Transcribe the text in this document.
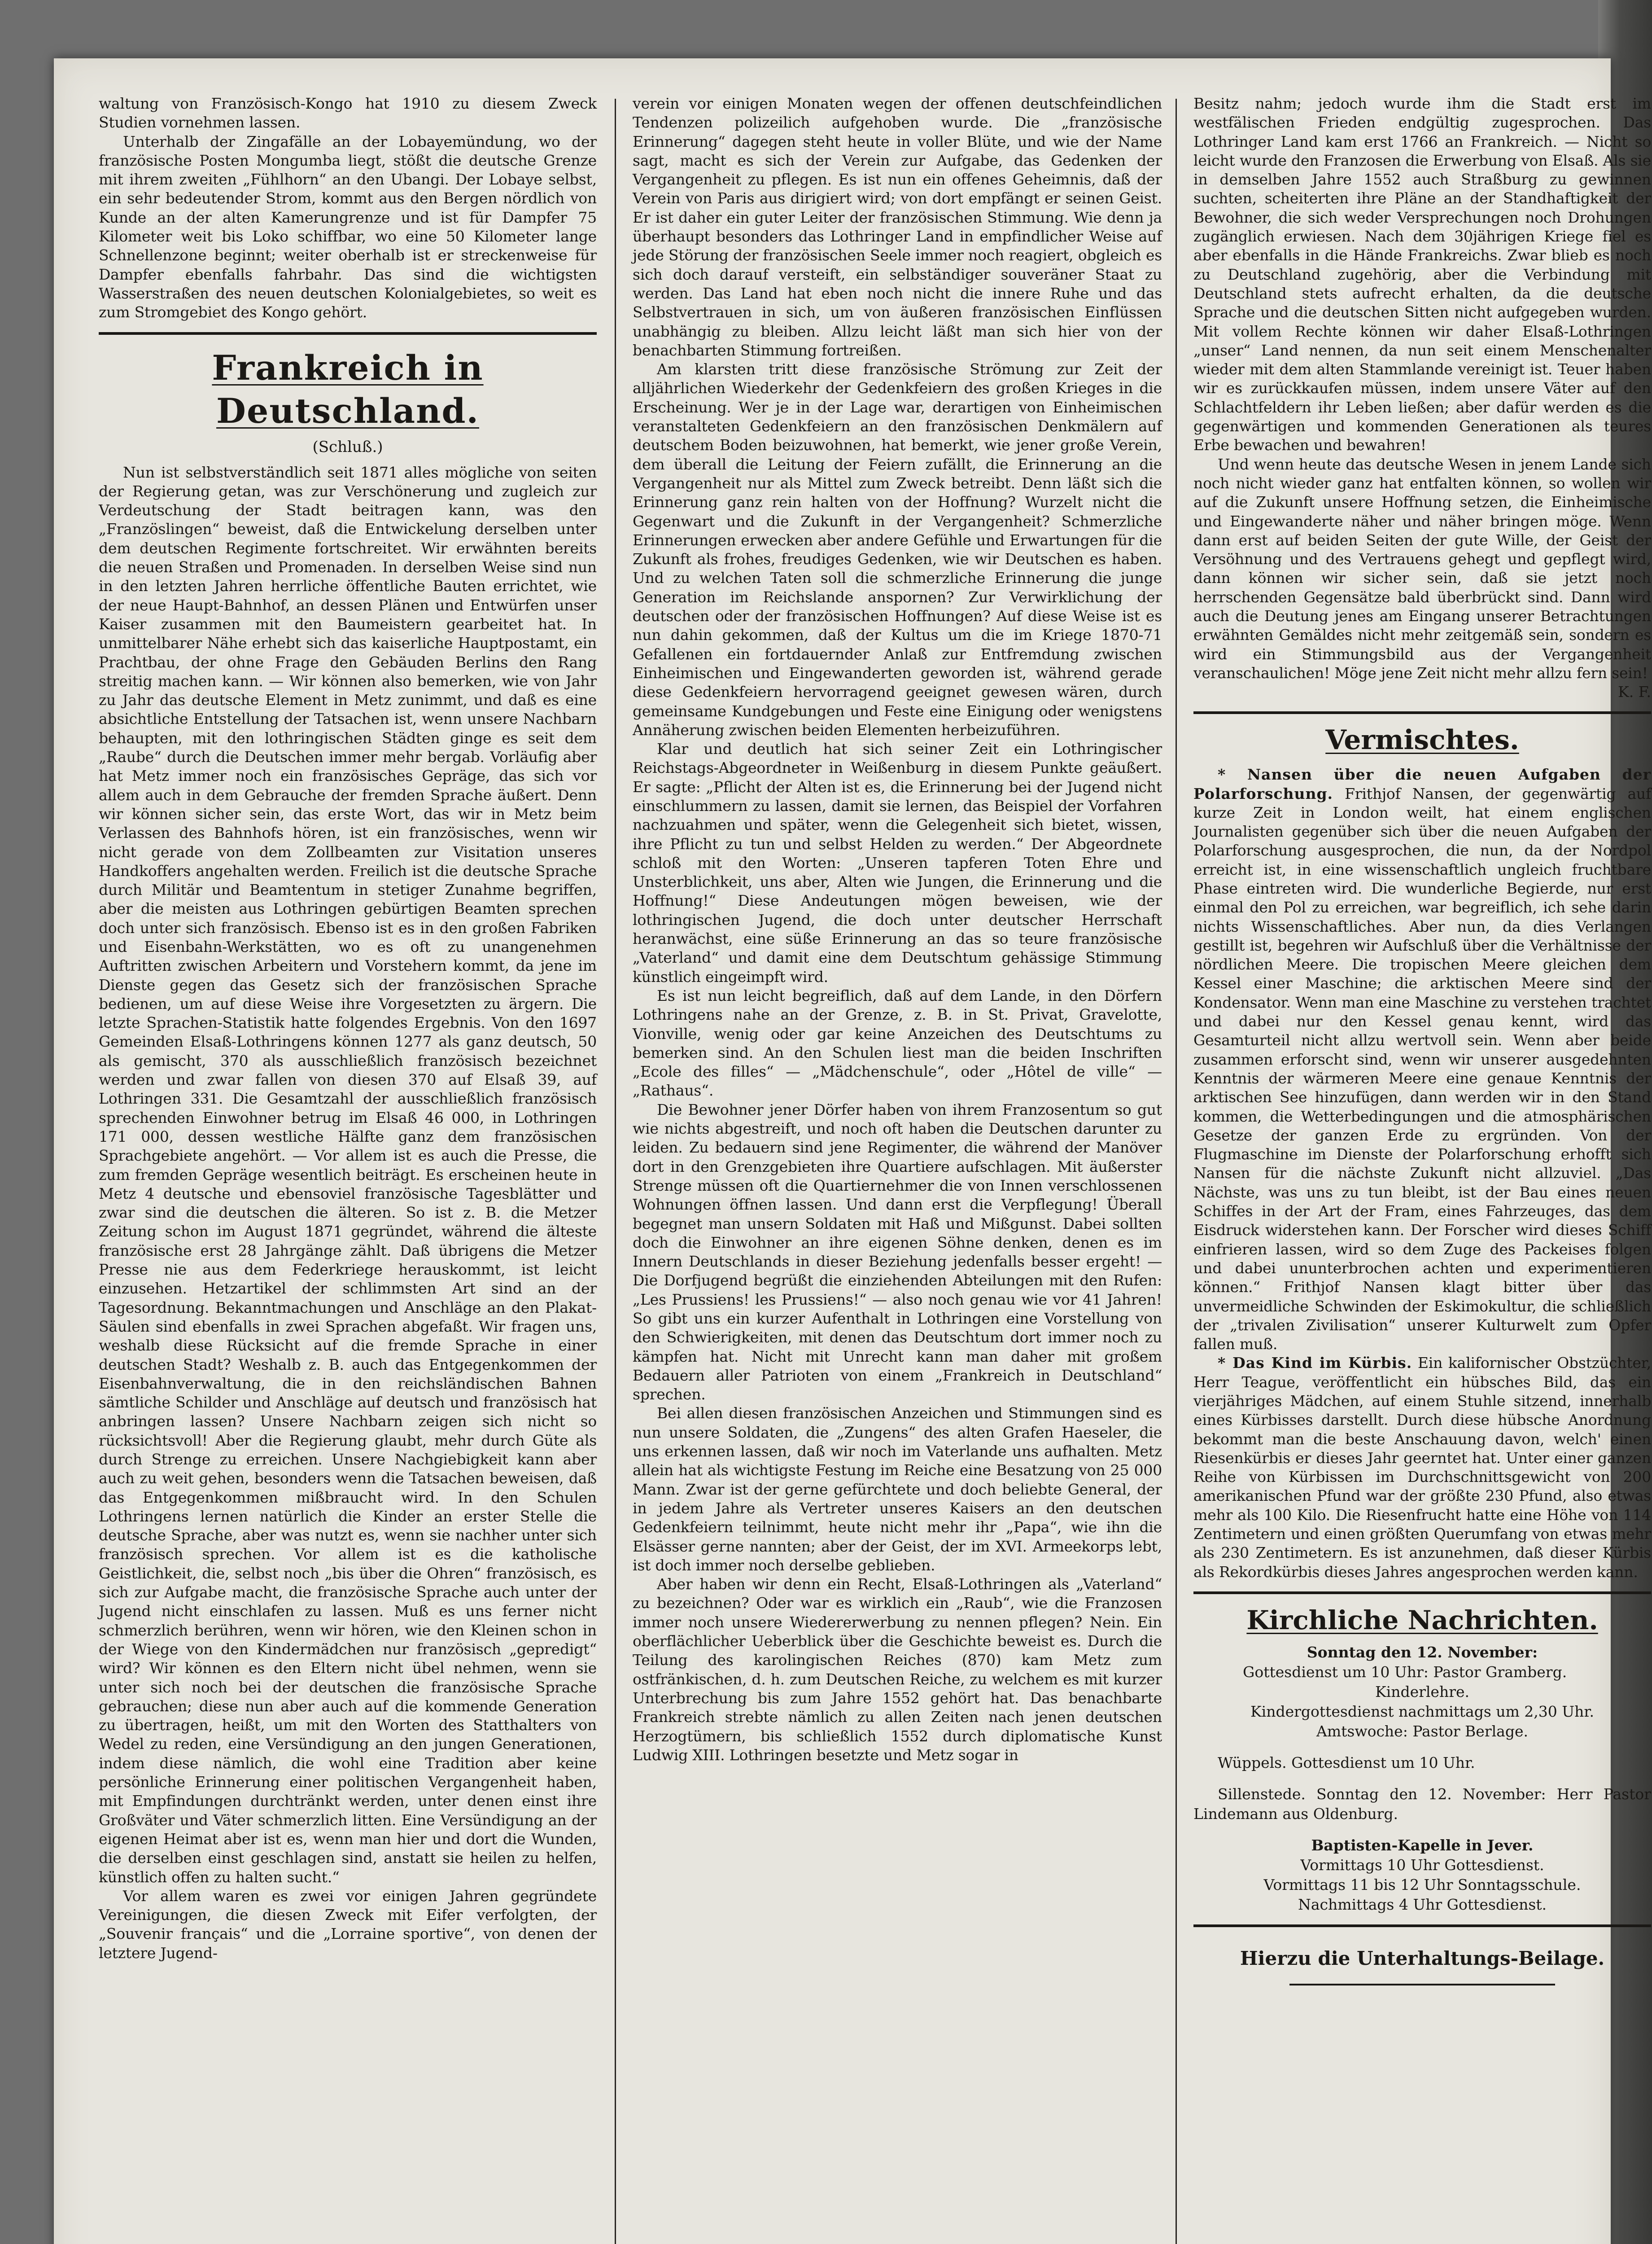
waltung von Französisch-Kongo hat 1910 zu diesem Zweck Studien vornehmen lassen.

Unterhalb der Zingafälle an der Lobayemündung, wo der französische Posten Mongumba liegt, stößt die deutsche Grenze mit ihrem zweiten „Fühlhorn“ an den Ubangi. Der Lobaye selbst, ein sehr bedeutender Strom, kommt aus den Bergen nördlich von Kunde an der alten Kamerungrenze und ist für Dampfer 75 Kilometer weit bis Loko schiffbar, wo eine 50 Kilometer lange Schnellenzone beginnt; weiter oberhalb ist er streckenweise für Dampfer ebenfalls fahrbahr. Das sind die wichtigsten Wasserstraßen des neuen deutschen Kolonialgebietes, so weit es zum Stromgebiet des Kongo gehört.

Frankreich in Deutschland.
(Schluß.)

Nun ist selbstverständlich seit 1871 alles mögliche von seiten der Regierung getan, was zur Verschönerung und zugleich zur Verdeutschung der Stadt beitragen kann, was den „Französlingen“ beweist, daß die Entwickelung derselben unter dem deutschen Regimente fortschreitet. Wir erwähnten bereits die neuen Straßen und Promenaden. In derselben Weise sind nun in den letzten Jahren herrliche öffentliche Bauten errichtet, wie der neue Haupt-Bahnhof, an dessen Plänen und Entwürfen unser Kaiser zusammen mit den Baumeistern gearbeitet hat. In unmittelbarer Nähe erhebt sich das kaiserliche Hauptpostamt, ein Prachtbau, der ohne Frage den Gebäuden Berlins den Rang streitig machen kann. — Wir können also bemerken, wie von Jahr zu Jahr das deutsche Element in Metz zunimmt, und daß es eine absichtliche Entstellung der Tatsachen ist, wenn unsere Nachbarn behaupten, mit den lothringischen Städten ginge es seit dem „Raube“ durch die Deutschen immer mehr bergab. Vorläufig aber hat Metz immer noch ein französisches Gepräge, das sich vor allem auch in dem Gebrauche der fremden Sprache äußert. Denn wir können sicher sein, das erste Wort, das wir in Metz beim Verlassen des Bahnhofs hören, ist ein französisches, wenn wir nicht gerade von dem Zollbeamten zur Visitation unseres Handkoffers angehalten werden. Freilich ist die deutsche Sprache durch Militär und Beamtentum in stetiger Zunahme begriffen, aber die meisten aus Lothringen gebürtigen Beamten sprechen doch unter sich französisch. Ebenso ist es in den großen Fabriken und Eisenbahn-Werkstätten, wo es oft zu unangenehmen Auftritten zwischen Arbeitern und Vorstehern kommt, da jene im Dienste gegen das Gesetz sich der französischen Sprache bedienen, um auf diese Weise ihre Vorgesetzten zu ärgern. Die letzte Sprachen-Statistik hatte folgendes Ergebnis. Von den 1697 Gemeinden Elsaß-Lothringens können 1277 als ganz deutsch, 50 als gemischt, 370 als ausschließlich französisch bezeichnet werden und zwar fallen von diesen 370 auf Elsaß 39, auf Lothringen 331. Die Gesamtzahl der ausschließlich französisch sprechenden Einwohner betrug im Elsaß 46 000, in Lothringen 171 000, dessen westliche Hälfte ganz dem französischen Sprachgebiete angehört. — Vor allem ist es auch die Presse, die zum fremden Gepräge wesentlich beiträgt. Es erscheinen heute in Metz 4 deutsche und ebensoviel französische Tagesblätter und zwar sind die deutschen die älteren. So ist z. B. die Metzer Zeitung schon im August 1871 gegründet, während die älteste französische erst 28 Jahrgänge zählt. Daß übrigens die Metzer Presse nie aus dem Federkriege herauskommt, ist leicht einzusehen. Hetzartikel der schlimmsten Art sind an der Tagesordnung. Bekanntmachungen und Anschläge an den Plakat-Säulen sind ebenfalls in zwei Sprachen abgefaßt. Wir fragen uns, weshalb diese Rücksicht auf die fremde Sprache in einer deutschen Stadt? Weshalb z. B. auch das Entgegenkommen der Eisenbahnverwaltung, die in den reichsländischen Bahnen sämtliche Schilder und Anschläge auf deutsch und französisch hat anbringen lassen? Unsere Nachbarn zeigen sich nicht so rücksichtsvoll! Aber die Regierung glaubt, mehr durch Güte als durch Strenge zu erreichen. Unsere Nachgiebigkeit kann aber auch zu weit gehen, besonders wenn die Tatsachen beweisen, daß das Entgegenkommen mißbraucht wird. In den Schulen Lothringens lernen natürlich die Kinder an erster Stelle die deutsche Sprache, aber was nutzt es, wenn sie nachher unter sich französisch sprechen. Vor allem ist es die katholische Geistlichkeit, die, selbst noch „bis über die Ohren“ französisch, es sich zur Aufgabe macht, die französische Sprache auch unter der Jugend nicht einschlafen zu lassen. Muß es uns ferner nicht schmerzlich berühren, wenn wir hören, wie den Kleinen schon in der Wiege von den Kindermädchen nur französisch „gepredigt“ wird? Wir können es den Eltern nicht übel nehmen, wenn sie unter sich noch bei der deutschen die französische Sprache gebrauchen; diese nun aber auch auf die kommende Generation zu übertragen, heißt, um mit den Worten des Statthalters von Wedel zu reden, eine Versündigung an den jungen Generationen, indem diese nämlich, die wohl eine Tradition aber keine persönliche Erinnerung einer politischen Vergangenheit haben, mit Empfindungen durchtränkt werden, unter denen einst ihre Großväter und Väter schmerzlich litten. Eine Versündigung an der eigenen Heimat aber ist es, wenn man hier und dort die Wunden, die derselben einst geschlagen sind, anstatt sie heilen zu helfen, künstlich offen zu halten sucht.“

Vor allem waren es zwei vor einigen Jahren gegründete Vereinigungen, die diesen Zweck mit Eifer verfolgten, der „Souvenir français“ und die „Lorraine sportive“, von denen der letztere Jugend-

verein vor einigen Monaten wegen der offenen deutschfeindlichen Tendenzen polizeilich aufgehoben wurde. Die „französische Erinnerung“ dagegen steht heute in voller Blüte, und wie der Name sagt, macht es sich der Verein zur Aufgabe, das Gedenken der Vergangenheit zu pflegen. Es ist nun ein offenes Geheimnis, daß der Verein von Paris aus dirigiert wird; von dort empfängt er seinen Geist. Er ist daher ein guter Leiter der französischen Stimmung. Wie denn ja überhaupt besonders das Lothringer Land in empfindlicher Weise auf jede Störung der französischen Seele immer noch reagiert, obgleich es sich doch darauf versteift, ein selbständiger souveräner Staat zu werden. Das Land hat eben noch nicht die innere Ruhe und das Selbstvertrauen in sich, um von äußeren französischen Einflüssen unabhängig zu bleiben. Allzu leicht läßt man sich hier von der benachbarten Stimmung fortreißen.

Am klarsten tritt diese französische Strömung zur Zeit der alljährlichen Wiederkehr der Gedenkfeiern des großen Krieges in die Erscheinung. Wer je in der Lage war, derartigen von Einheimischen veranstalteten Gedenkfeiern an den französischen Denkmälern auf deutschem Boden beizuwohnen, hat bemerkt, wie jener große Verein, dem überall die Leitung der Feiern zufällt, die Erinnerung an die Vergangenheit nur als Mittel zum Zweck betreibt. Denn läßt sich die Erinnerung ganz rein halten von der Hoffnung? Wurzelt nicht die Gegenwart und die Zukunft in der Vergangenheit? Schmerzliche Erinnerungen erwecken aber andere Gefühle und Erwartungen für die Zukunft als frohes, freudiges Gedenken, wie wir Deutschen es haben. Und zu welchen Taten soll die schmerzliche Erinnerung die junge Generation im Reichslande anspornen? Zur Verwirklichung der deutschen oder der französischen Hoffnungen? Auf diese Weise ist es nun dahin gekommen, daß der Kultus um die im Kriege 1870-71 Gefallenen ein fortdauernder Anlaß zur Entfremdung zwischen Einheimischen und Eingewanderten geworden ist, während gerade diese Gedenkfeiern hervorragend geeignet gewesen wären, durch gemeinsame Kundgebungen und Feste eine Einigung oder wenigstens Annäherung zwischen beiden Elementen herbeizuführen.

Klar und deutlich hat sich seiner Zeit ein Lothringischer Reichstags-Abgeordneter in Weißenburg in diesem Punkte geäußert. Er sagte: „Pflicht der Alten ist es, die Erinnerung bei der Jugend nicht einschlummern zu lassen, damit sie lernen, das Beispiel der Vorfahren nachzuahmen und später, wenn die Gelegenheit sich bietet, wissen, ihre Pflicht zu tun und selbst Helden zu werden.“ Der Abgeordnete schloß mit den Worten: „Unseren tapferen Toten Ehre und Unsterblichkeit, uns aber, Alten wie Jungen, die Erinnerung und die Hoffnung!“ Diese Andeutungen mögen beweisen, wie der lothringischen Jugend, die doch unter deutscher Herrschaft heranwächst, eine süße Erinnerung an das so teure französische „Vaterland“ und damit eine dem Deutschtum gehässige Stimmung künstlich eingeimpft wird.

Es ist nun leicht begreiflich, daß auf dem Lande, in den Dörfern Lothringens nahe an der Grenze, z. B. in St. Privat, Gravelotte, Vionville, wenig oder gar keine Anzeichen des Deutschtums zu bemerken sind. An den Schulen liest man die beiden Inschriften „Ecole des filles“ — „Mädchenschule“, oder „Hôtel de ville“ — „Rathaus“.

Die Bewohner jener Dörfer haben von ihrem Franzosentum so gut wie nichts abgestreift, und noch oft haben die Deutschen darunter zu leiden. Zu bedauern sind jene Regimenter, die während der Manöver dort in den Grenzgebieten ihre Quartiere aufschlagen. Mit äußerster Strenge müssen oft die Quartiernehmer die von Innen verschlossenen Wohnungen öffnen lassen. Und dann erst die Verpflegung! Überall begegnet man unsern Soldaten mit Haß und Mißgunst. Dabei sollten doch die Einwohner an ihre eigenen Söhne denken, denen es im Innern Deutschlands in dieser Beziehung jedenfalls besser ergeht! — Die Dorfjugend begrüßt die einziehenden Abteilungen mit den Rufen: „Les Prussiens! les Prussiens!“ — also noch genau wie vor 41 Jahren! So gibt uns ein kurzer Aufenthalt in Lothringen eine Vorstellung von den Schwierigkeiten, mit denen das Deutschtum dort immer noch zu kämpfen hat. Nicht mit Unrecht kann man daher mit großem Bedauern aller Patrioten von einem „Frankreich in Deutschland“ sprechen.

Bei allen diesen französischen Anzeichen und Stimmungen sind es nun unsere Soldaten, die „Zungens“ des alten Grafen Haeseler, die uns erkennen lassen, daß wir noch im Vaterlande uns aufhalten. Metz allein hat als wichtigste Festung im Reiche eine Besatzung von 25 000 Mann. Zwar ist der gerne gefürchtete und doch beliebte General, der in jedem Jahre als Vertreter unseres Kaisers an den deutschen Gedenkfeiern teilnimmt, heute nicht mehr ihr „Papa“, wie ihn die Elsässer gerne nannten; aber der Geist, der im XVI. Armeekorps lebt, ist doch immer noch derselbe geblieben.

Aber haben wir denn ein Recht, Elsaß-Lothringen als „Vaterland“ zu bezeichnen? Oder war es wirklich ein „Raub“, wie die Franzosen immer noch unsere Wiedererwerbung zu nennen pflegen? Nein. Ein oberflächlicher Ueberblick über die Geschichte beweist es. Durch die Teilung des karolingischen Reiches (870) kam Metz zum ostfränkischen, d. h. zum Deutschen Reiche, zu welchem es mit kurzer Unterbrechung bis zum Jahre 1552 gehört hat. Das benachbarte Frankreich strebte nämlich zu allen Zeiten nach jenen deutschen Herzogtümern, bis schließlich 1552 durch diplomatische Kunst Ludwig XIII. Lothringen besetzte und Metz sogar in

Besitz nahm; jedoch wurde ihm die Stadt erst im westfälischen Frieden endgültig zugesprochen. Das Lothringer Land kam erst 1766 an Frankreich. — Nicht so leicht wurde den Franzosen die Erwerbung von Elsaß. Als sie in demselben Jahre 1552 auch Straßburg zu gewinnen suchten, scheiterten ihre Pläne an der Standhaftigkeit der Bewohner, die sich weder Versprechungen noch Drohungen zugänglich erwiesen. Nach dem 30jährigen Kriege fiel es aber ebenfalls in die Hände Frankreichs. Zwar blieb es noch zu Deutschland zugehörig, aber die Verbindung mit Deutschland stets aufrecht erhalten, da die deutsche Sprache und die deutschen Sitten nicht aufgegeben wurden. Mit vollem Rechte können wir daher Elsaß-Lothringen „unser“ Land nennen, da nun seit einem Menschenalter wieder mit dem alten Stammlande vereinigt ist. Teuer haben wir es zurückkaufen müssen, indem unsere Väter auf den Schlachtfeldern ihr Leben ließen; aber dafür werden es die gegenwärtigen und kommenden Generationen als teures Erbe bewachen und bewahren!

Und wenn heute das deutsche Wesen in jenem Lande sich noch nicht wieder ganz hat entfalten können, so wollen wir auf die Zukunft unsere Hoffnung setzen, die Einheimische und Eingewanderte näher und näher bringen möge. Wenn dann erst auf beiden Seiten der gute Wille, der Geist der Versöhnung und des Vertrauens gehegt und gepflegt wird, dann können wir sicher sein, daß sie jetzt noch herrschenden Gegensätze bald überbrückt sind. Dann wird auch die Deutung jenes am Eingang unserer Betrachtungen erwähnten Gemäldes nicht mehr zeitgemäß sein, sondern es wird ein Stimmungsbild aus der Vergangenheit veranschaulichen! Möge jene Zeit nicht mehr allzu fern sein!

K. F.
Vermischtes.

* Nansen über die neuen Aufgaben der Polarforschung. Frithjof Nansen, der gegenwärtig auf kurze Zeit in London weilt, hat einem englischen Journalisten gegenüber sich über die neuen Aufgaben der Polarforschung ausgesprochen, die nun, da der Nordpol erreicht ist, in eine wissenschaftlich ungleich fruchtbare Phase eintreten wird. Die wunderliche Begierde, nur erst einmal den Pol zu erreichen, war begreiflich, ich sehe darin nichts Wissenschaftliches. Aber nun, da dies Verlangen gestillt ist, begehren wir Aufschluß über die Verhältnisse der nördlichen Meere. Die tropischen Meere gleichen dem Kessel einer Maschine; die arktischen Meere sind der Kondensator. Wenn man eine Maschine zu verstehen trachtet und dabei nur den Kessel genau kennt, wird das Gesamturteil nicht allzu wertvoll sein. Wenn aber beide zusammen erforscht sind, wenn wir unserer ausgedehnten Kenntnis der wärmeren Meere eine genaue Kenntnis der arktischen See hinzufügen, dann werden wir in den Stand kommen, die Wetterbedingungen und die atmosphärischen Gesetze der ganzen Erde zu ergründen. Von der Flugmaschine im Dienste der Polarforschung erhofft sich Nansen für die nächste Zukunft nicht allzuviel. „Das Nächste, was uns zu tun bleibt, ist der Bau eines neuen Schiffes in der Art der Fram, eines Fahrzeuges, das dem Eisdruck widerstehen kann. Der Forscher wird dieses Schiff einfrieren lassen, wird so dem Zuge des Packeises folgen und dabei ununterbrochen achten und experimentieren können.“ Frithjof Nansen klagt bitter über das unvermeidliche Schwinden der Eskimokultur, die schließlich der „trivalen Zivilisation“ unserer Kulturwelt zum Opfer fallen muß.

* Das Kind im Kürbis. Ein kalifornischer Obstzüchter, Herr Teague, veröffentlicht ein hübsches Bild, das ein vierjähriges Mädchen, auf einem Stuhle sitzend, innerhalb eines Kürbisses darstellt. Durch diese hübsche Anordnung bekommt man die beste Anschauung davon, welch' einen Riesenkürbis er dieses Jahr geerntet hat. Unter einer ganzen Reihe von Kürbissen im Durchschnittsgewicht von 200 amerikanischen Pfund war der größte 230 Pfund, also etwas mehr als 100 Kilo. Die Riesenfrucht hatte eine Höhe von 114 Zentimetern und einen größten Querumfang von etwas mehr als 230 Zentimetern. Es ist anzunehmen, daß dieser Kürbis als Rekordkürbis dieses Jahres angesprochen werden kann.

Kirchliche Nachrichten.
Sonntag den 12. November:
Gottesdienst um 10 Uhr: Pastor Gramberg.
Kinderlehre.
Kindergottesdienst nachmittags um 2,30 Uhr.
Amtswoche: Pastor Berlage.

Wüppels. Gottesdienst um 10 Uhr.

Sillenstede. Sonntag den 12. November: Herr Pastor Lindemann aus Oldenburg.

Baptisten-Kapelle in Jever.
Vormittags 10 Uhr Gottesdienst.
Vormittags 11 bis 12 Uhr Sonntagsschule.
Nachmittags 4 Uhr Gottesdienst.
Hierzu die Unterhaltungs-Beilage.
